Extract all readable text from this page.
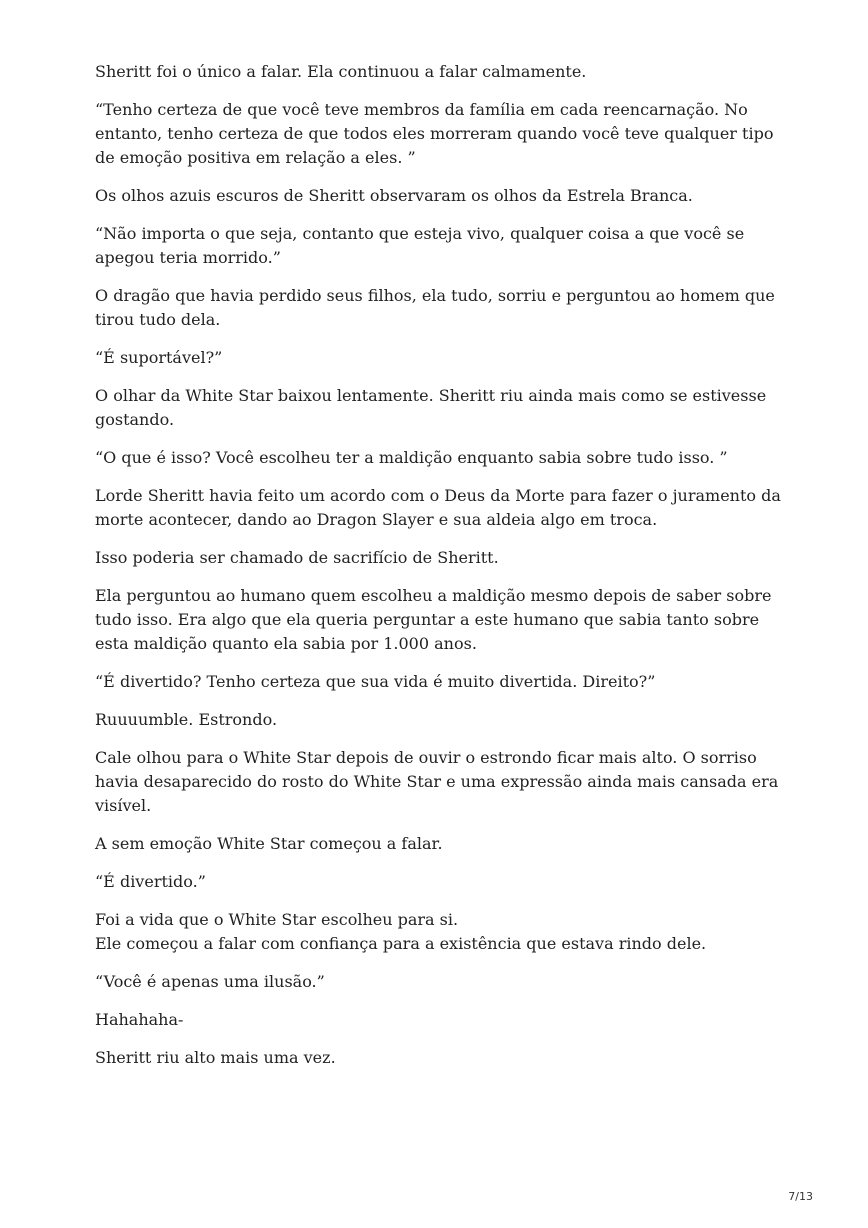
Sheritt foi o único a falar. Ela continuou a falar calmamente.

“Tenho certeza de que você teve membros da família em cada reencarnação. No entanto, tenho certeza de que todos eles morreram quando você teve qualquer tipo de emoção positiva em relação a eles. ”

Os olhos azuis escuros de Sheritt observaram os olhos da Estrela Branca.

“Não importa o que seja, contanto que esteja vivo, qualquer coisa a que você se apegou teria morrido.”

O dragão que havia perdido seus filhos, ela tudo, sorriu e perguntou ao homem que tirou tudo dela.

“É suportável?”

O olhar da White Star baixou lentamente. Sheritt riu ainda mais como se estivesse gostando.

“O que é isso? Você escolheu ter a maldição enquanto sabia sobre tudo isso. ”

Lorde Sheritt havia feito um acordo com o Deus da Morte para fazer o juramento da morte acontecer, dando ao Dragon Slayer e sua aldeia algo em troca.

Isso poderia ser chamado de sacrifício de Sheritt.

Ela perguntou ao humano quem escolheu a maldição mesmo depois de saber sobre tudo isso. Era algo que ela queria perguntar a este humano que sabia tanto sobre esta maldição quanto ela sabia por 1.000 anos.

“É divertido? Tenho certeza que sua vida é muito divertida. Direito?”

Ruuuumble. Estrondo.

Cale olhou para o White Star depois de ouvir o estrondo ficar mais alto. O sorriso havia desaparecido do rosto do White Star e uma expressão ainda mais cansada era visível.

A sem emoção White Star começou a falar.

“É divertido.”

Foi a vida que o White Star escolheu para si.
Ele começou a falar com confiança para a existência que estava rindo dele.

“Você é apenas uma ilusão.”

Hahahaha-

Sheritt riu alto mais uma vez.

7/13
